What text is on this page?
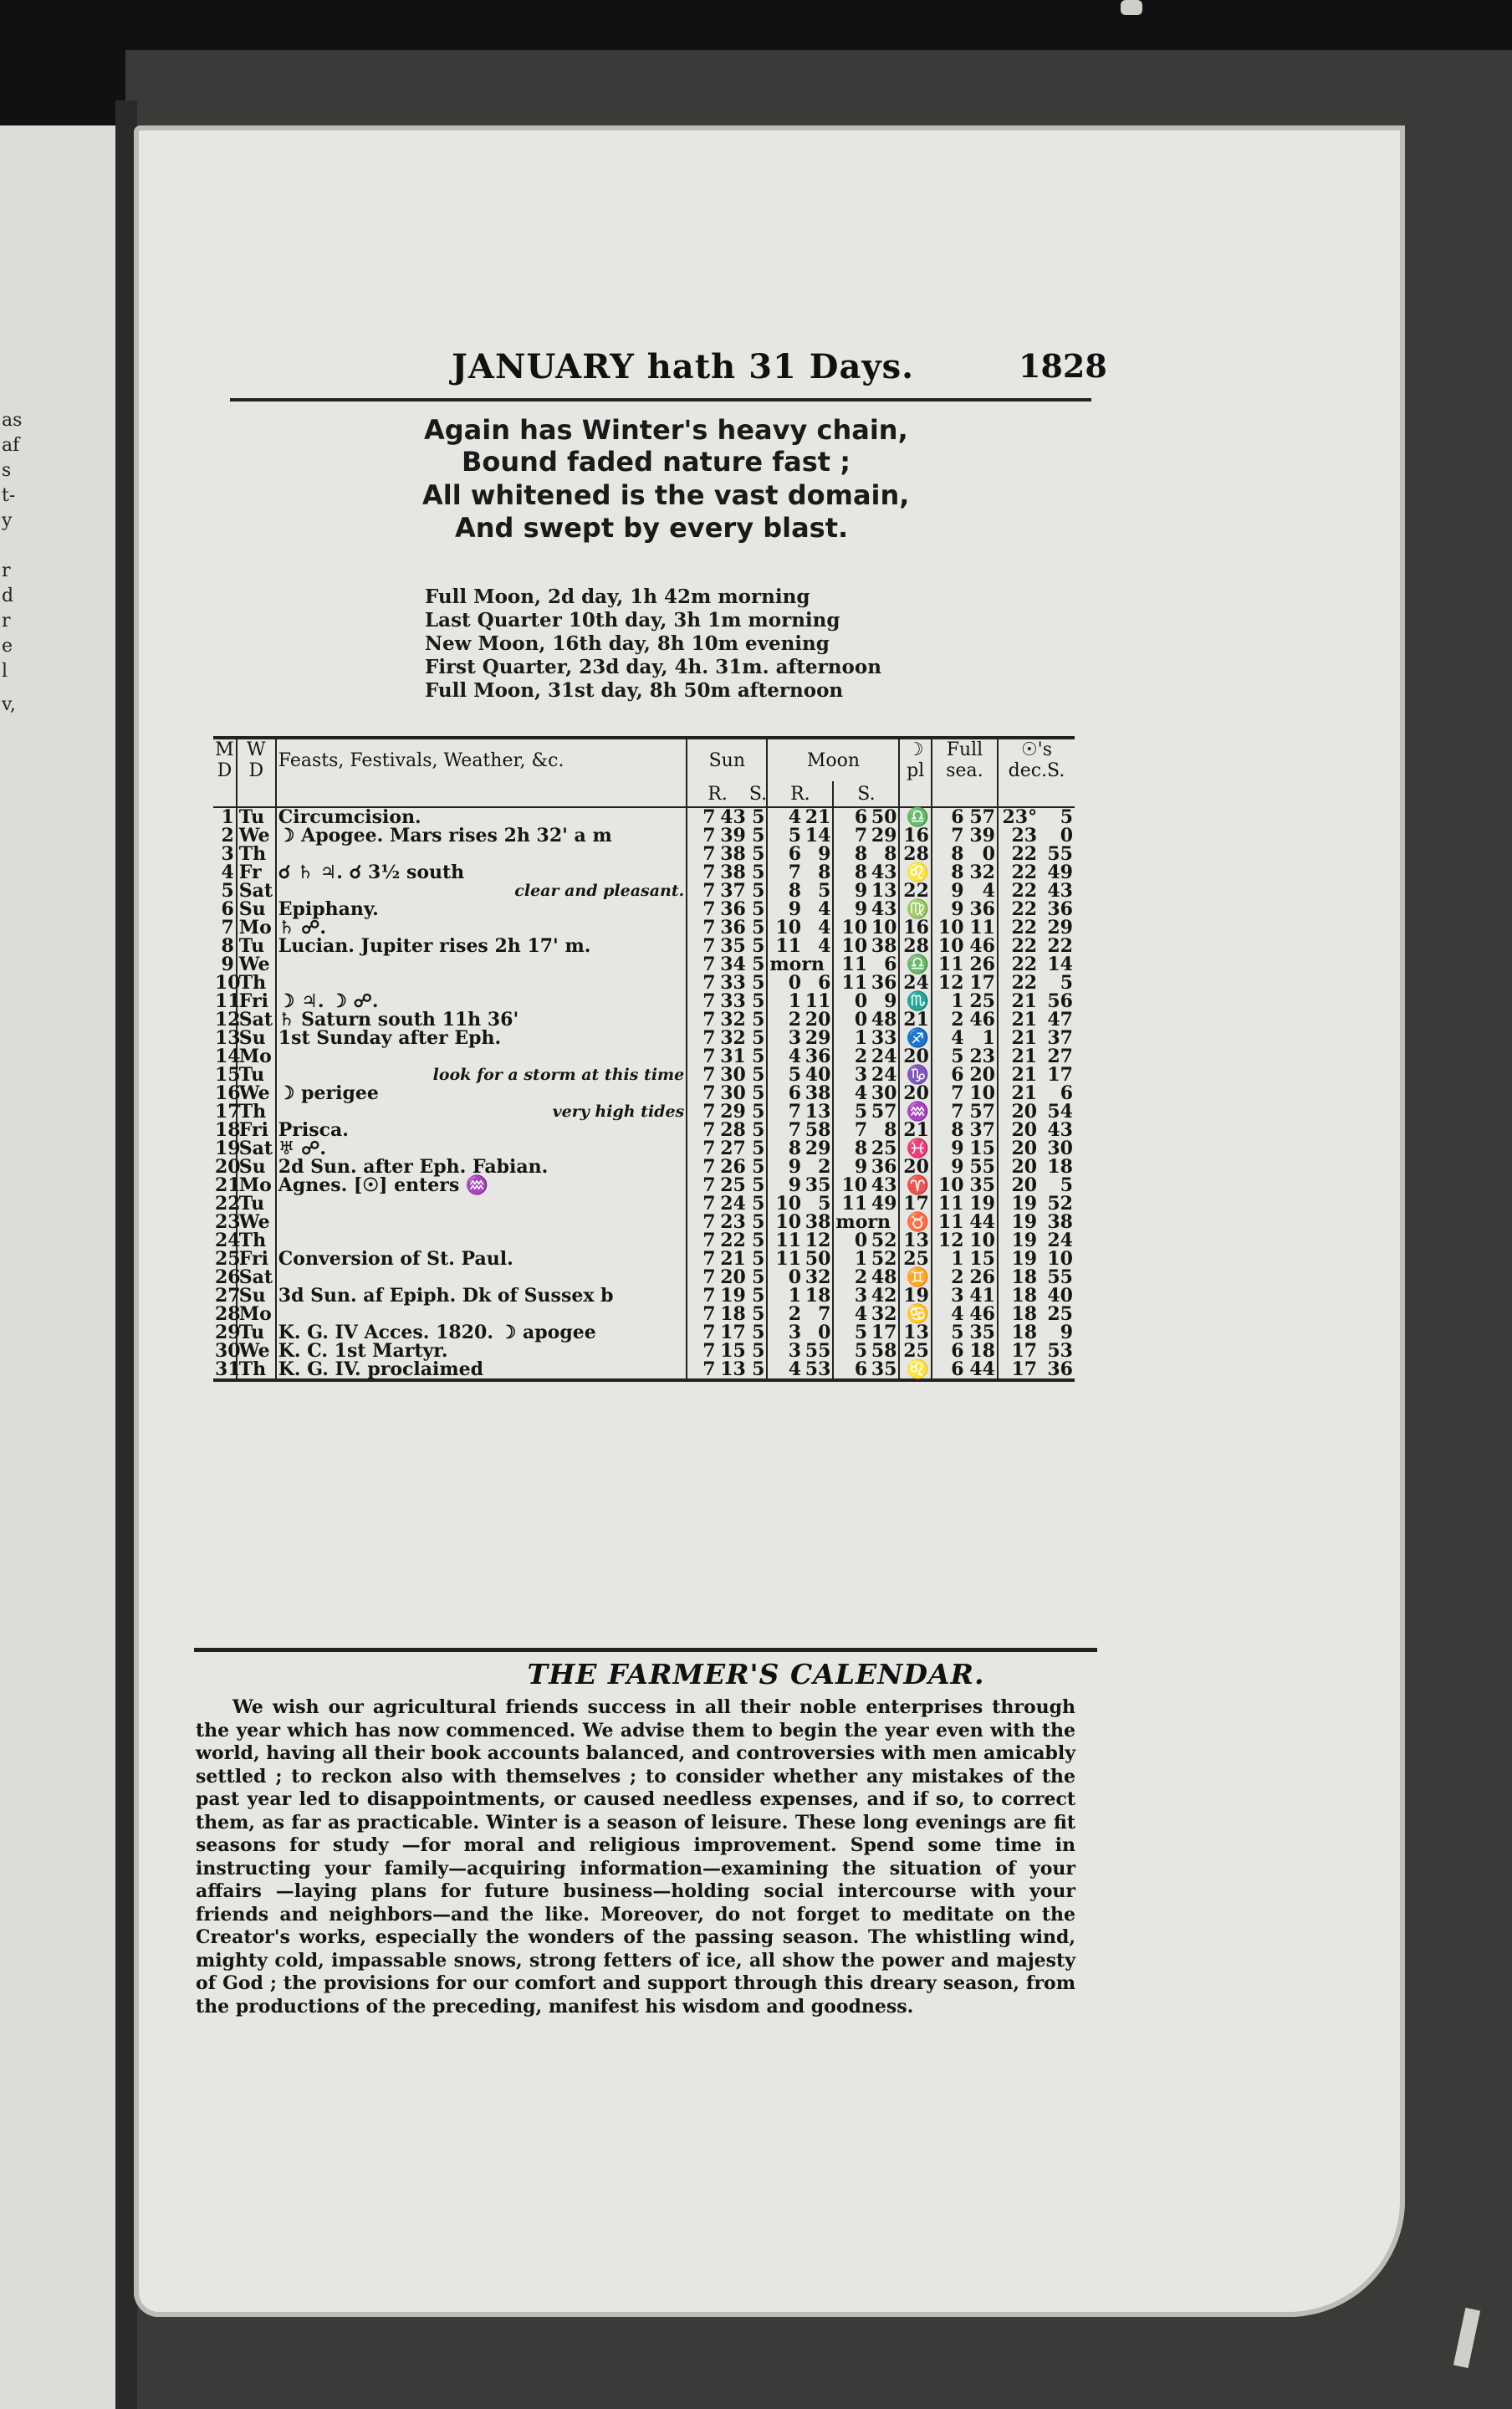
as
af
s
t-
y
r
d
r
e
l
v,
JANUARY hath 31 Days.	1828
Again has Winter's heavy chain,
Bound faded nature fast ;
All whitened is the vast domain,
And swept by every blast.
Full Moon, 2d day, 1h 42m morning
Last Quarter 10th day, 3h 1m morning
New Moon, 16th day, 8h 10m evening
First Quarter, 23d day, 4h. 31m. afternoon
Full Moon, 31st day, 8h 50m afternoon
M D	W D	Feasts, Festivals, Weather, &c.	Sun			Moon				☽ pl	Full sea.		☉'s dec.S.	
			R.		S.	R.		S.						
1	Tu	Circumcision.	7	43	5	4	21	6	50	♎	6	57	23°	5
2	We	☽ Apogee. Mars rises 2h 32' a m	7	39	5	5	14	7	29	16	7	39	23	0
3	Th		7	38	5	6	9	8	8	28	8	0	22	55
4	Fr	☌ ♄ ♃. ☌ 3½ south	7	38	5	7	8	8	43	♌	8	32	22	49
5	Sat	clear and pleasant.	7	37	5	8	5	9	13	22	9	4	22	43
6	Su	Epiphany.	7	36	5	9	4	9	43	♍	9	36	22	36
7	Mo	♄ ☍.	7	36	5	10	4	10	10	16	10	11	22	29
8	Tu	Lucian. Jupiter rises 2h 17' m.	7	35	5	11	4	10	38	28	10	46	22	22
9	We		7	34	5	morn		11	6	♎	11	26	22	14
10	Th		7	33	5	0	6	11	36	24	12	17	22	5
11	Fri	☽ ♃. ☽ ☍.	7	33	5	1	11	0	9	♏	1	25	21	56
12	Sat	♄ Saturn south 11h 36'	7	32	5	2	20	0	48	21	2	46	21	47
13	Su	1st Sunday after Eph.	7	32	5	3	29	1	33	♐	4	1	21	37
14	Mo		7	31	5	4	36	2	24	20	5	23	21	27
15	Tu	look for a storm at this time	7	30	5	5	40	3	24	♑	6	20	21	17
16	We	☽ perigee	7	30	5	6	38	4	30	20	7	10	21	6
17	Th	very high tides	7	29	5	7	13	5	57	♒	7	57	20	54
18	Fri	Prisca.	7	28	5	7	58	7	8	21	8	37	20	43
19	Sat	♅ ☍.	7	27	5	8	29	8	25	♓	9	15	20	30
20	Su	2d Sun. after Eph. Fabian.	7	26	5	9	2	9	36	20	9	55	20	18
21	Mo	Agnes. [☉] enters ♒	7	25	5	9	35	10	43	♈	10	35	20	5
22	Tu		7	24	5	10	5	11	49	17	11	19	19	52
23	We		7	23	5	10	38	morn		♉	11	44	19	38
24	Th		7	22	5	11	12	0	52	13	12	10	19	24
25	Fri	Conversion of St. Paul.	7	21	5	11	50	1	52	25	1	15	19	10
26	Sat		7	20	5	0	32	2	48	♊	2	26	18	55
27	Su	3d Sun. af Epiph. Dk of Sussex b	7	19	5	1	18	3	42	19	3	41	18	40
28	Mo		7	18	5	2	7	4	32	♋	4	46	18	25
29	Tu	K. G. IV Acces. 1820. ☽ apogee	7	17	5	3	0	5	17	13	5	35	18	9
30	We	K. C. 1st Martyr.	7	15	5	3	55	5	58	25	6	18	17	53
31	Th	K. G. IV. proclaimed	7	13	5	4	53	6	35	♌	6	44	17	36
THE FARMER'S CALENDAR.
We wish our agricultural friends success in all their noble enterprises through the year which has now commenced. We advise them to begin the year even with the world, having all their book accounts balanced, and controversies with men amicably settled ; to reckon also with themselves ; to consider whether any mistakes of the past year led to disappointments, or caused needless expenses, and if so, to correct them, as far as practicable. Winter is a season of leisure. These long evenings are fit seasons for study —for moral and religious improvement. Spend some time in instructing your family—acquiring information—examining the situation of your affairs —laying plans for future business—holding social intercourse with your friends and neighbors—and the like. Moreover, do not forget to meditate on the Creator's works, especially the wonders of the passing season. The whistling wind, mighty cold, impassable snows, strong fetters of ice, all show the power and majesty of God ; the provisions for our comfort and support through this dreary season, from the productions of the preceding, manifest his wisdom and goodness.
